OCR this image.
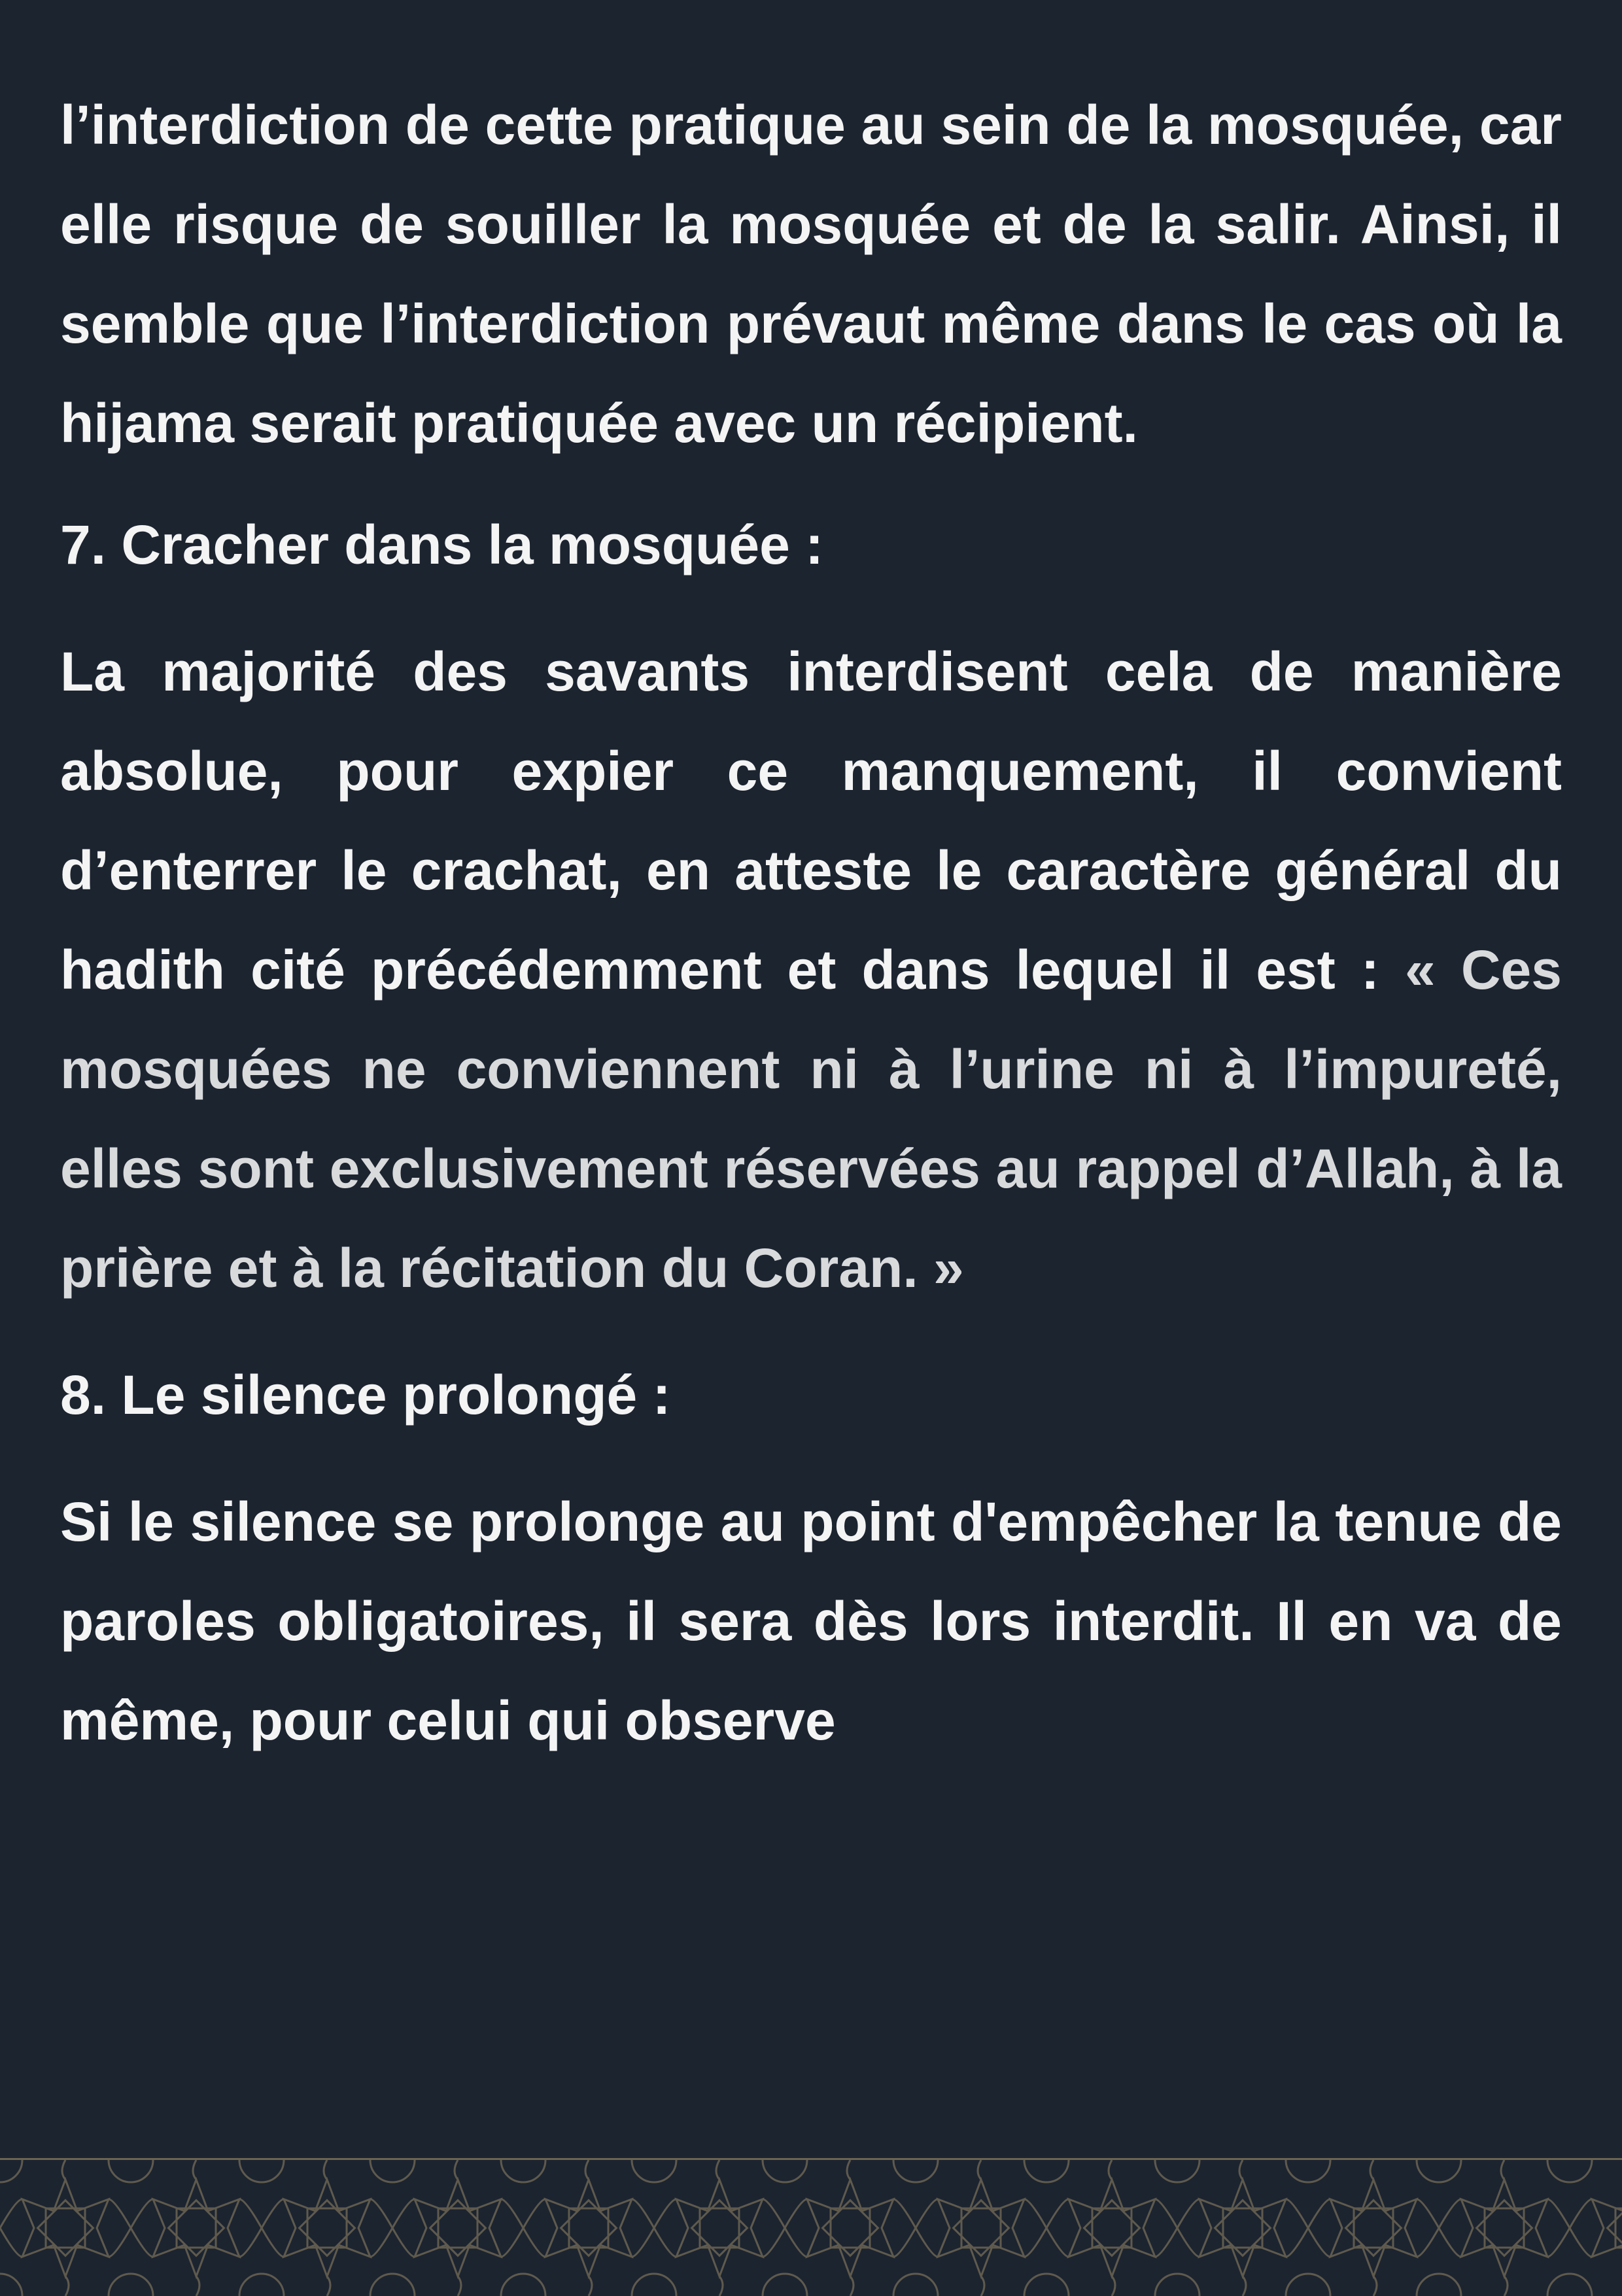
l’interdiction de cette pratique au sein de la mosquée, car elle risque de souiller la mosquée et de la salir. Ainsi, il semble que l’interdiction prévaut même dans le cas où la hijama serait pratiquée avec un récipient.

7. Cracher dans la mosquée :

La majorité des savants interdisent cela de manière absolue, pour expier ce manquement, il convient d’enterrer le crachat, en atteste le caractère général du hadith cité précédemment et dans lequel il est : « Ces mosquées ne conviennent ni à l’urine ni à l’impureté, elles sont exclusivement réservées au rappel d’Allah, à la prière et à la récitation du Coran. »

8. Le silence prolongé :

Si le silence se prolonge au point d'empêcher la tenue de paroles obligatoires, il sera dès lors interdit. Il en va de même, pour celui qui observe
